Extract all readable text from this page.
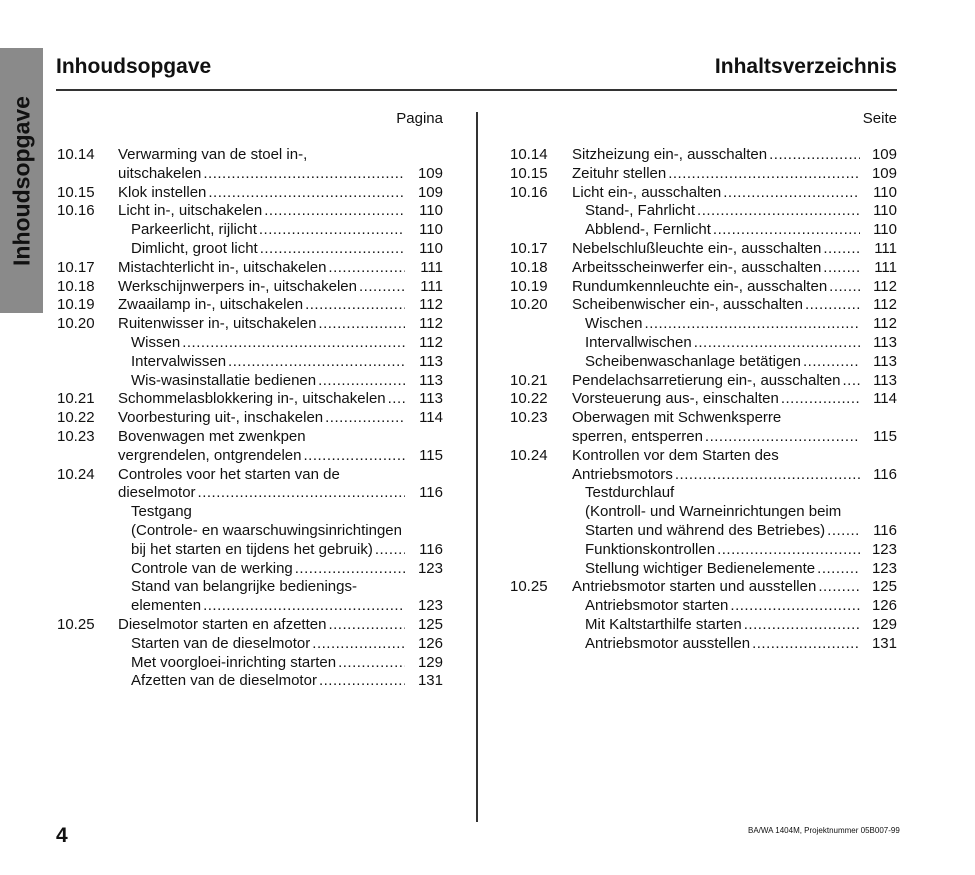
Inhoudsopgave
Inhoudsopgave	Inhaltsverzeichnis
Pagina	Seite
10.14 Verwarming van de stoel in-,
uitschakelen .....	109
10.15 Klok instellen .....	109
10.16 Licht in-, uitschakelen .....	110
Parkeerlicht, rijlicht .....	110
Dimlicht, groot licht .....	110
10.17 Mistachterlicht in-, uitschakelen .....	111
10.18 Werkschijnwerpers in-, uitschakelen .....	111
10.19 Zwaailamp in-, uitschakelen .....	112
10.20 Ruitenwisser in-, uitschakelen .....	112
Wissen .....	112
Intervalwissen .....	113
Wis-wasinstallatie bedienen .....	113
10.21 Schommelasblokkering in-, uitschakelen .....	113
10.22 Voorbesturing uit-, inschakelen .....	114
10.23 Bovenwagen met zwenkpen
vergrendelen, ontgrendelen .....	115
10.24 Controles voor het starten van de
dieselmotor .....	116
Testgang
(Controle- en waarschuwingsinrichtingen
bij het starten en tijdens het gebruik) .....	116
Controle van de werking .....	123
Stand van belangrijke bedienings-
elementen .....	123
10.25 Dieselmotor starten en afzetten .....	125
Starten van de dieselmotor .....	126
Met voorgloei-inrichting starten .....	129
Afzetten van de dieselmotor .....	131
10.14 Sitzheizung ein-, ausschalten .....	109
10.15 Zeituhr stellen .....	109
10.16 Licht ein-, ausschalten .....	110
Stand-, Fahrlicht .....	110
Abblend-, Fernlicht .....	110
10.17 Nebelschlußleuchte ein-, ausschalten .....	111
10.18 Arbeitsscheinwerfer ein-, ausschalten .....	111
10.19 Rundumkennleuchte ein-, ausschalten .....	112
10.20 Scheibenwischer ein-, ausschalten .....	112
Wischen .....	112
Intervallwischen .....	113
Scheibenwaschanlage betätigen .....	113
10.21 Pendelachsarretierung ein-, ausschalten .....	113
10.22 Vorsteuerung aus-, einschalten .....	114
10.23 Oberwagen mit Schwenksperre
sperren, entsperren .....	115
10.24 Kontrollen vor dem Starten des
Antriebsmotors .....	116
Testdurchlauf
(Kontroll- und Warneinrichtungen beim
Starten und während des Betriebes) .....	116
Funktionskontrollen .....	123
Stellung wichtiger Bedienelemente .....	123
10.25 Antriebsmotor starten und ausstellen .....	125
Antriebsmotor starten .....	126
Mit Kaltstarthilfe starten .....	129
Antriebsmotor ausstellen .....	131
4	BA/WA 1404M, Projektnummer 05B007-99
